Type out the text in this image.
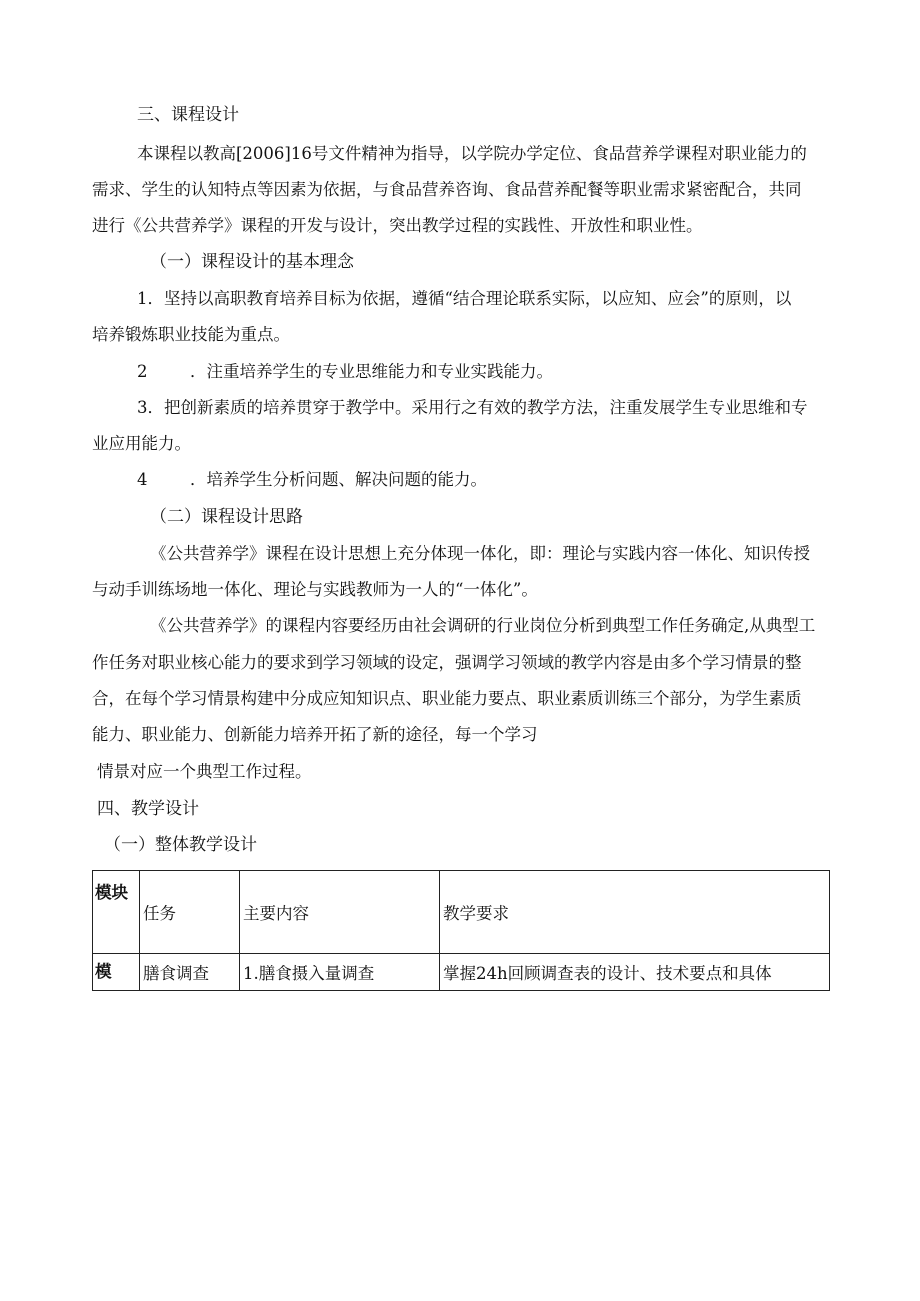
三、课程设计
本课程以教高[2006]16号文件精神为指导，以学院办学定位、食品营养学课程对职业能力的
需求、学生的认知特点等因素为依据，与食品营养咨询、食品营养配餐等职业需求紧密配合，共同
进行《公共营养学》课程的开发与设计，突出教学过程的实践性、开放性和职业性。
（一）课程设计的基本理念
1．坚持以高职教育培养目标为依据，遵循“结合理论联系实际，以应知、应会”的原则，以
培养锻炼职业技能为重点。
2	．注重培养学生的专业思维能力和专业实践能力。
3．把创新素质的培养贯穿于教学中。采用行之有效的教学方法，注重发展学生专业思维和专
业应用能力。
4	．培养学生分析问题、解决问题的能力。
（二）课程设计思路
《公共营养学》课程在设计思想上充分体现一体化，即：理论与实践内容一体化、知识传授
与动手训练场地一体化、理论与实践教师为一人的“一体化”。
《公共营养学》的课程内容要经历由社会调研的行业岗位分析到典型工作任务确定,从典型工
作任务对职业核心能力的要求到学习领域的设定，强调学习领域的教学内容是由多个学习情景的整
合，在每个学习情景构建中分成应知知识点、职业能力要点、职业素质训练三个部分，为学生素质
能力、职业能力、创新能力培养开拓了新的途径，每一个学习
情景对应一个典型工作过程。
四、教学设计
（一）整体教学设计
模块	任务	主要内容	教学要求
模	膳食调查	1.膳食摄入量调查	掌握24h回顾调查表的设计、技术要点和具体
